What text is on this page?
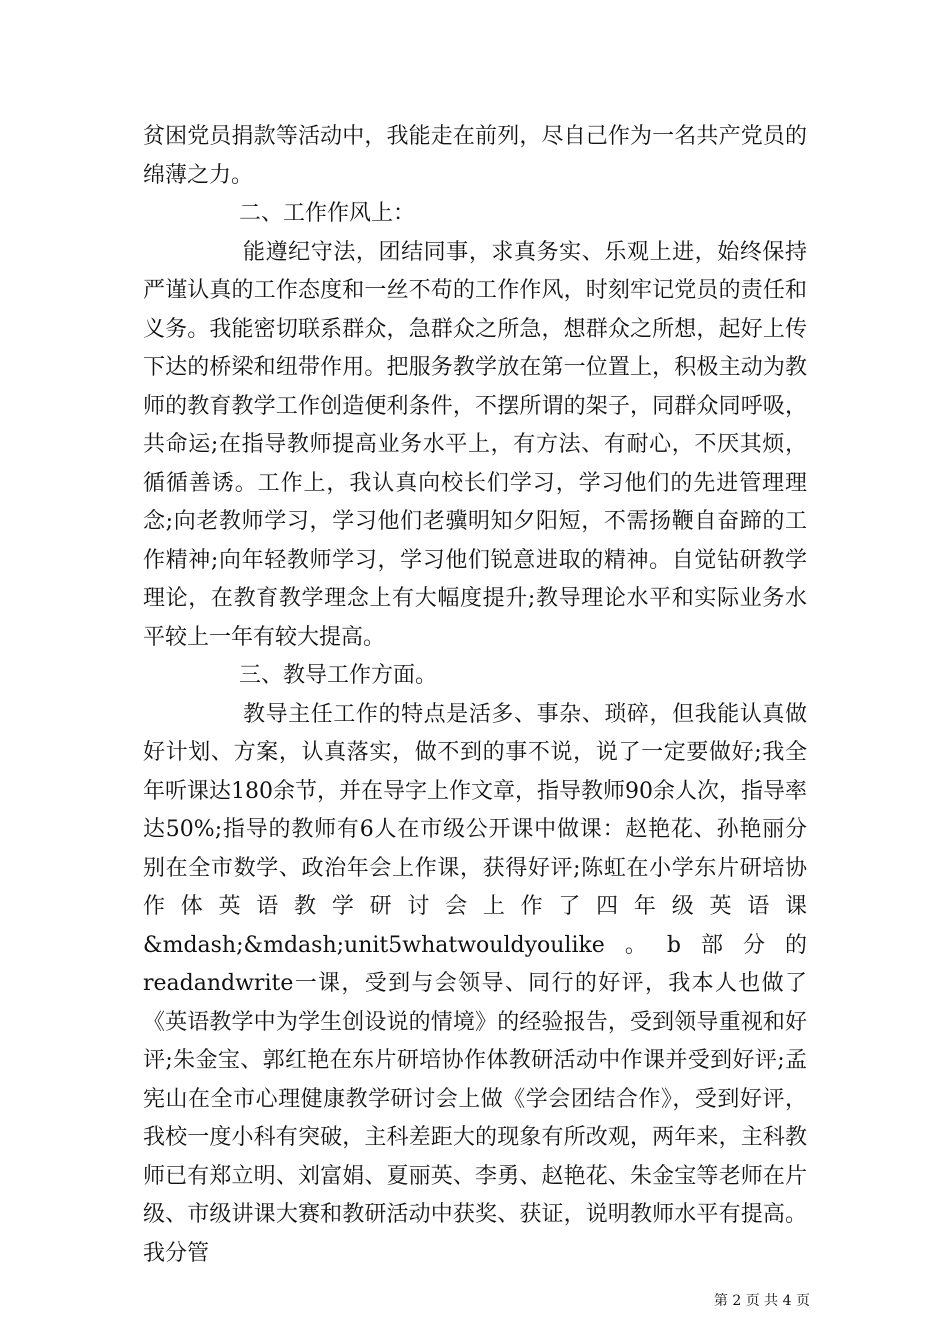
贫困党员捐款等活动中，我能走在前列，尽自己作为一名共产党员的绵薄之力。

二、工作作风上：

能遵纪守法，团结同事，求真务实、乐观上进，始终保持严谨认真的工作态度和一丝不苟的工作作风，时刻牢记党员的责任和义务。我能密切联系群众，急群众之所急，想群众之所想，起好上传下达的桥梁和纽带作用。把服务教学放在第一位置上，积极主动为教师的教育教学工作创造便利条件，不摆所谓的架子，同群众同呼吸，共命运;在指导教师提高业务水平上，有方法、有耐心，不厌其烦，循循善诱。工作上，我认真向校长们学习，学习他们的先进管理理念;向老教师学习，学习他们老骥明知夕阳短，不需扬鞭自奋蹄的工作精神;向年轻教师学习，学习他们锐意进取的精神。自觉钻研教学理论，在教育教学理念上有大幅度提升;教导理论水平和实际业务水平较上一年有较大提高。

三、教导工作方面。

教导主任工作的特点是活多、事杂、琐碎，但我能认真做好计划、方案，认真落实，做不到的事不说，说了一定要做好;我全年听课达180余节，并在导字上作文章，指导教师90余人次，指导率达50%;指导的教师有6人在市级公开课中做课：赵艳花、孙艳丽分别在全市数学、政治年会上作课，获得好评;陈虹在小学东片研培协作体英语教学研讨会上作了四年级英语课

&mdash;&mdash;unit5whatwouldyoulike。b部分的readandwrite一课，受到与会领导、同行的好评，我本人也做了《英语教学中为学生创设说的情境》的经验报告，受到领导重视和好评;朱金宝、郭红艳在东片研培协作体教研活动中作课并受到好评;孟宪山在全市心理健康教学研讨会上做《学会团结合作》，受到好评，我校一度小科有突破，主科差距大的现象有所改观，两年来，主科教师已有郑立明、刘富娟、夏丽英、李勇、赵艳花、朱金宝等老师在片级、市级讲课大赛和教研活动中获奖、获证，说明教师水平有提高。我分管

第 2 页 共 4 页
